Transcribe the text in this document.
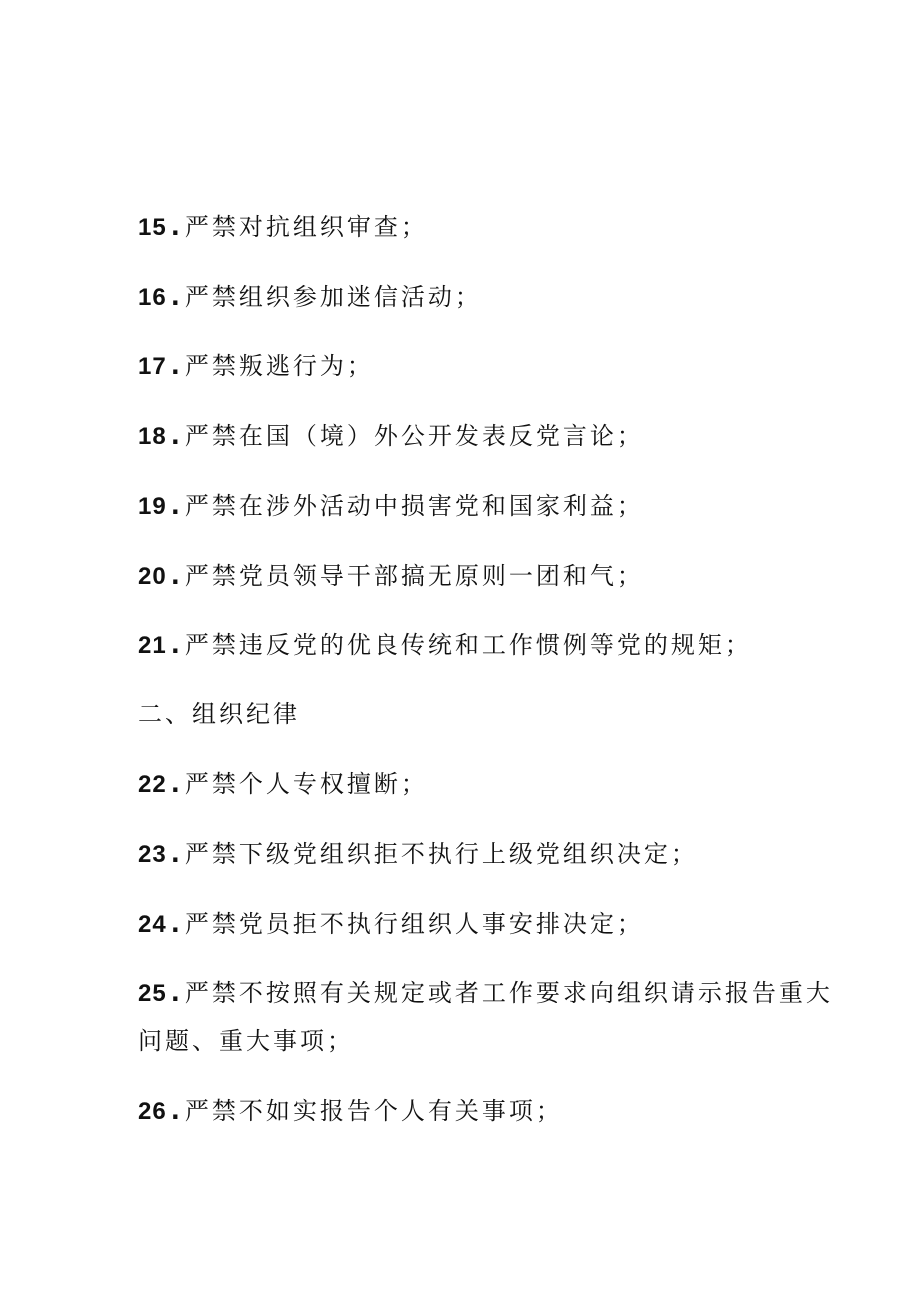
15 .严禁对抗组织审查；
16 .严禁组织参加迷信活动；
17 .严禁叛逃行为；
18 .严禁在国（境）外公开发表反党言论；
19 .严禁在涉外活动中损害党和国家利益；
20 .严禁党员领导干部搞无原则一团和气；
21 .严禁违反党的优良传统和工作惯例等党的规矩；
二、组织纪律
22 .严禁个人专权擅断；
23 .严禁下级党组织拒不执行上级党组织决定；
24 .严禁党员拒不执行组织人事安排决定；
25 .严禁不按照有关规定或者工作要求向组织请示报告重大
问题、重大事项；
26 .严禁不如实报告个人有关事项；
